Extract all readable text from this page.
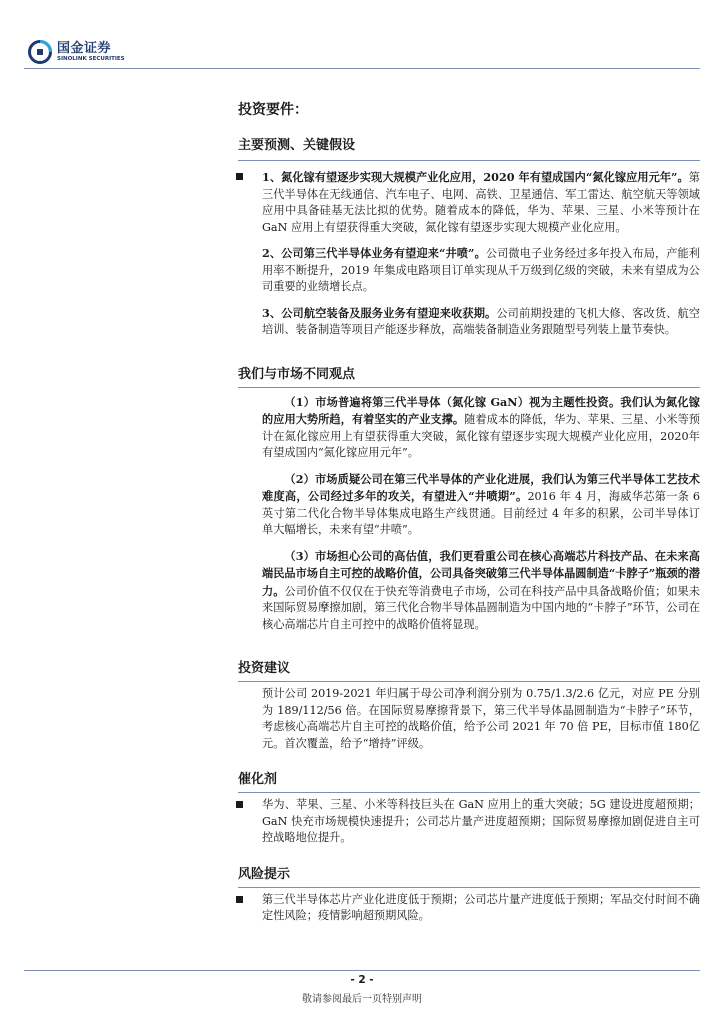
国金证券
SINOLINK SECURITIES
投资要件：
主要预测、关键假设

1、氮化镓有望逐步实现大规模产业化应用，2020 年有望成国内“氮化镓应用元年”。第三代半导体在无线通信、汽车电子、电网、高铁、卫星通信、军工雷达、航空航天等领域应用中具备硅基无法比拟的优势。随着成本的降低，华为、苹果、三星、小米等预计在 GaN 应用上有望获得重大突破，氮化镓有望逐步实现大规模产业化应用。

2、公司第三代半导体业务有望迎来“井喷”。公司微电子业务经过多年投入布局，产能利用率不断提升，2019 年集成电路项目订单实现从千万级到亿级的突破，未来有望成为公司重要的业绩增长点。

3、公司航空装备及服务业务有望迎来收获期。公司前期投建的飞机大修、客改货、航空培训、装备制造等项目产能逐步释放，高端装备制造业务跟随型号列装上量节奏快。

我们与市场不同观点

（1）市场普遍将第三代半导体（氮化镓 GaN）视为主题性投资。我们认为氮化镓的应用大势所趋，有着坚实的产业支撑。随着成本的降低，华为、苹果、三星、小米等预计在氮化镓应用上有望获得重大突破，氮化镓有望逐步实现大规模产业化应用，2020年有望成国内“氮化镓应用元年”。

（2）市场质疑公司在第三代半导体的产业化进展，我们认为第三代半导体工艺技术难度高，公司经过多年的攻关，有望进入“井喷期”。2016 年 4 月，海威华芯第一条 6 英寸第二代化合物半导体集成电路生产线贯通。目前经过 4 年多的积累，公司半导体订单大幅增长，未来有望“井喷”。

（3）市场担心公司的高估值，我们更看重公司在核心高端芯片科技产品、在未来高端民品市场自主可控的战略价值，公司具备突破第三代半导体晶圆制造“卡脖子”瓶颈的潜力。公司价值不仅仅在于快充等消费电子市场，公司在科技产品中具备战略价值；如果未来国际贸易摩擦加剧，第三代化合物半导体晶圆制造为中国内地的“卡脖子”环节，公司在核心高端芯片自主可控中的战略价值将显现。

投资建议

预计公司 2019-2021 年归属于母公司净利润分别为 0.75/1.3/2.6 亿元，对应 PE 分别为 189/112/56 倍。在国际贸易摩擦背景下，第三代半导体晶圆制造为“卡脖子”环节，考虑核心高端芯片自主可控的战略价值，给予公司 2021 年 70 倍 PE，目标市值 180亿元。首次覆盖，给予“增持”评级。

催化剂

华为、苹果、三星、小米等科技巨头在 GaN 应用上的重大突破；5G 建设进度超预期； GaN 快充市场规模快速提升；公司芯片量产进度超预期；国际贸易摩擦加剧促进自主可控战略地位提升。

风险提示

第三代半导体芯片产业化进度低于预期；公司芯片量产进度低于预期；军品交付时间不确定性风险；疫情影响超预期风险。

- 2 -
敬请参阅最后一页特别声明
